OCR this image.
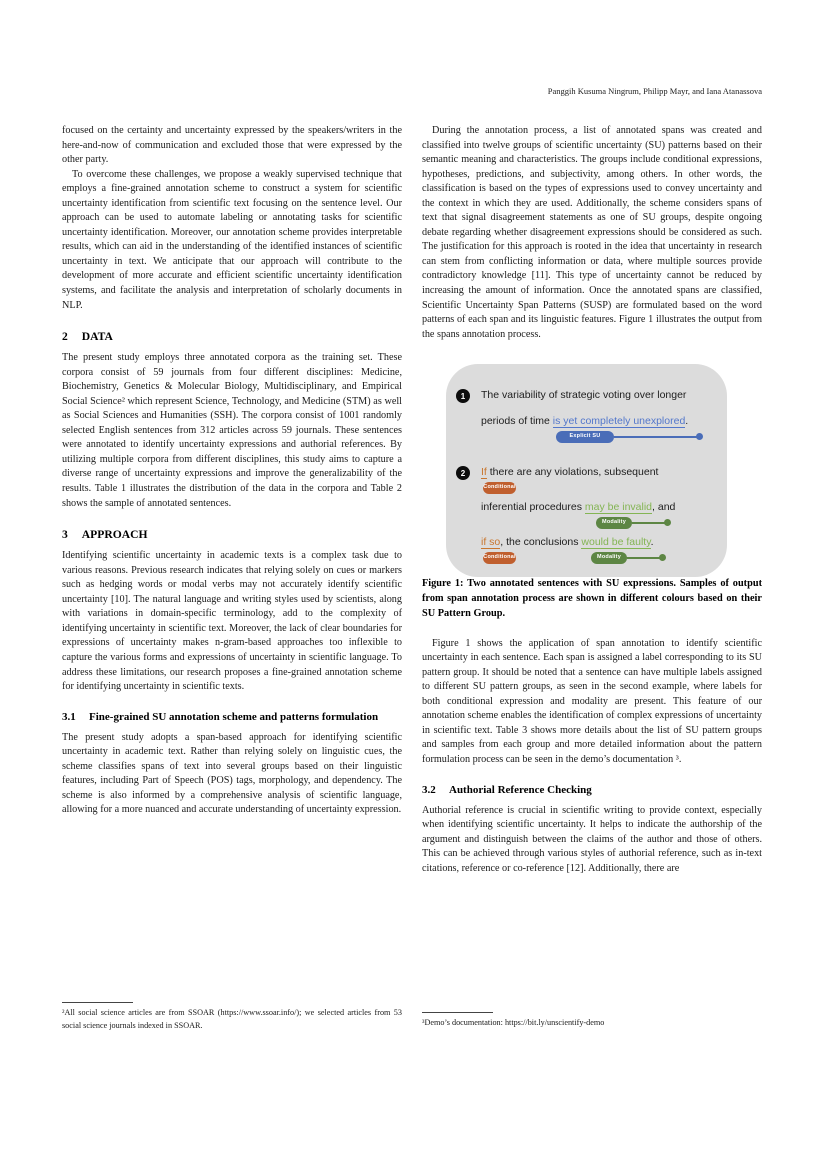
Panggih Kusuma Ningrum, Philipp Mayr, and Iana Atanassova

focused on the certainty and uncertainty expressed by the speakers/writers in the here-and-now of communication and excluded those that were expressed by the other party.

To overcome these challenges, we propose a weakly supervised technique that employs a fine-grained annotation scheme to construct a system for scientific uncertainty identification from scientific text focusing on the sentence level. Our approach can be used to automate labeling or annotating tasks for scientific uncertainty identification. Moreover, our annotation scheme provides interpretable results, which can aid in the understanding of the identified instances of scientific uncertainty in text. We anticipate that our approach will contribute to the development of more accurate and efficient scientific uncertainty identification systems, and facilitate the analysis and interpretation of scholarly documents in NLP.

2 DATA

The present study employs three annotated corpora as the training set. These corpora consist of 59 journals from four different disciplines: Medicine, Biochemistry, Genetics & Molecular Biology, Multidisciplinary, and Empirical Social Science² which represent Science, Technology, and Medicine (STM) as well as Social Sciences and Humanities (SSH). The corpora consist of 1001 randomly selected English sentences from 312 articles across 59 journals. These sentences were annotated to identify uncertainty expressions and authorial references. By utilizing multiple corpora from different disciplines, this study aims to capture a diverse range of uncertainty expressions and improve the generalizability of the results. Table 1 illustrates the distribution of the data in the corpora and Table 2 shows the sample of annotated sentences.

3 APPROACH

Identifying scientific uncertainty in academic texts is a complex task due to various reasons. Previous research indicates that relying solely on cues or markers such as hedging words or modal verbs may not accurately identify scientific uncertainty [10]. The natural language and writing styles used by scientists, along with variations in domain-specific terminology, add to the complexity of identifying uncertainty in scientific text. Moreover, the lack of clear boundaries for expressions of uncertainty makes n-gram-based approaches too inflexible to capture the various forms and expressions of uncertainty in scientific language. To address these limitations, our research proposes a fine-grained annotation scheme for identifying uncertainty in scientific texts.

3.1	Fine-grained SU annotation scheme and patterns formulation

The present study adopts a span-based approach for identifying scientific uncertainty in academic text. Rather than relying solely on linguistic cues, the scheme classifies spans of text into several groups based on their linguistic features, including Part of Speech (POS) tags, morphology, and dependency. The scheme is also informed by a comprehensive analysis of scientific language, allowing for a more nuanced and accurate understanding of uncertainty expression.

During the annotation process, a list of annotated spans was created and classified into twelve groups of scientific uncertainty (SU) patterns based on their semantic meaning and characteristics. The groups include conditional expressions, hypotheses, predictions, and subjectivity, among others. In other words, the classification is based on the types of expressions used to convey uncertainty and the context in which they are used. Additionally, the scheme considers spans of text that signal disagreement statements as one of SU groups, despite ongoing debate regarding whether disagreement expressions should be considered as such. The justification for this approach is rooted in the idea that uncertainty in research can stem from conflicting information or data, where multiple sources provide contradictory knowledge [11]. This type of uncertainty cannot be reduced by increasing the amount of information. Once the annotated spans are classified, Scientific Uncertainty Span Patterns (SUSP) are formulated based on the word patterns of each span and its linguistic features. Figure 1 illustrates the output from the spans annotation process.

1	The variability of strategic voting over longer
periods of time is yet completely unexplored.
Explicit SU
2	If there are any violations, subsequent
Conditional
inferential procedures may be invalid, and
Modality
if so, the conclusions would be faulty.
Conditional	Modality

Figure 1: Two annotated sentences with SU expressions. Samples of output from span annotation process are shown in different colours based on their SU Pattern Group.

Figure 1 shows the application of span annotation to identify scientific uncertainty in each sentence. Each span is assigned a label corresponding to its SU pattern group. It should be noted that a sentence can have multiple labels assigned to different SU pattern groups, as seen in the second example, where labels for both conditional expression and modality are present. This feature of our annotation scheme enables the identification of complex expressions of uncertainty in scientific text. Table 3 shows more details about the list of SU pattern groups and samples from each group and more detailed information about the pattern formulation process can be seen in the demo’s documentation ³.

3.2	Authorial Reference Checking

Authorial reference is crucial in scientific writing to provide context, especially when identifying scientific uncertainty. It helps to indicate the authorship of the argument and distinguish between the claims of the author and those of others. This can be achieved through various styles of authorial reference, such as in-text citations, reference or co-reference [12]. Additionally, there are

²All social science articles are from SSOAR (https://www.ssoar.info/); we selected articles from 53 social science journals indexed in SSOAR.	³Demo’s documentation: https://bit.ly/unscientify-demo
